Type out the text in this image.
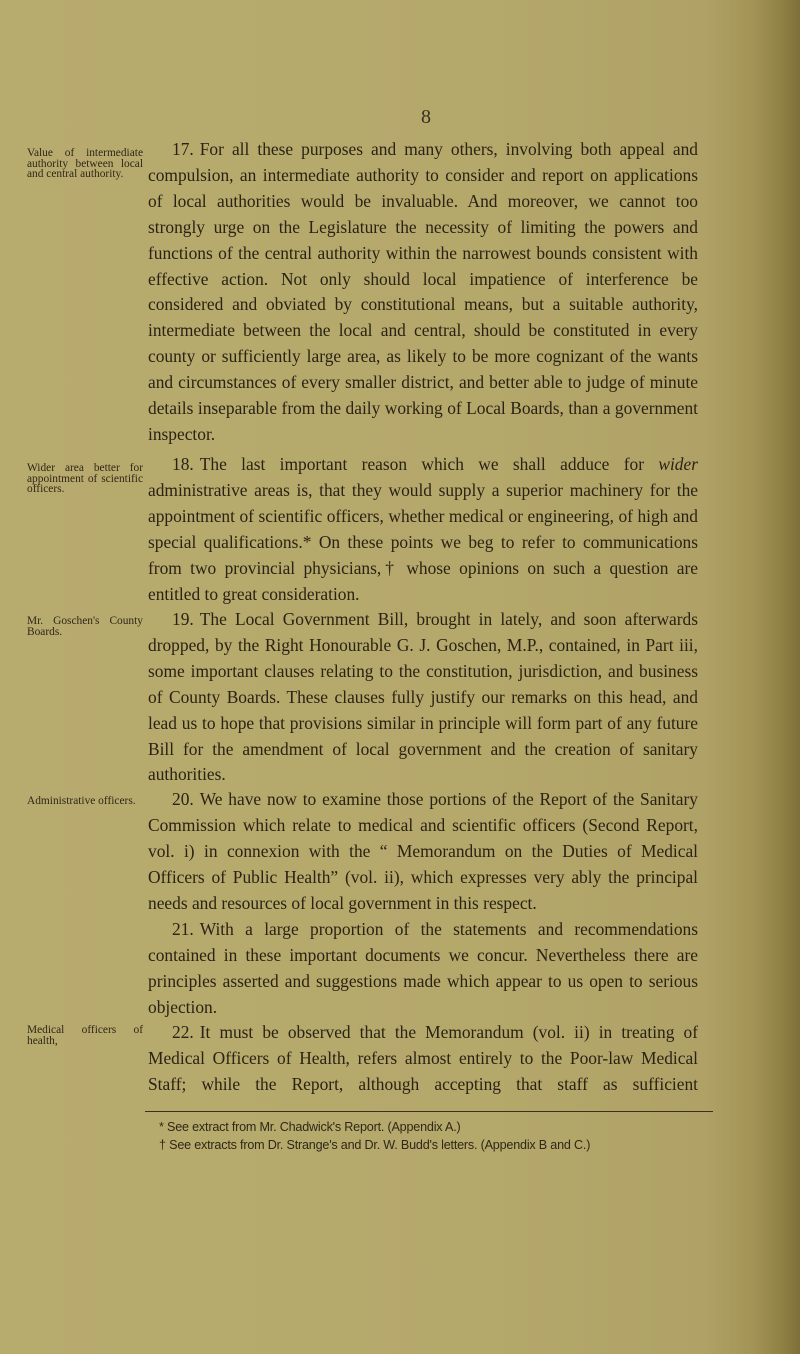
8
Value of intermediate authority between local and central authority.
17. For all these purposes and many others, involving both appeal and compulsion, an intermediate authority to consider and report on applications of local authorities would be invaluable. And moreover, we cannot too strongly urge on the Legislature the necessity of limiting the powers and functions of the central authority within the narrowest bounds consistent with effective action. Not only should local impatience of interference be considered and obviated by constitutional means, but a suitable authority, intermediate between the local and central, should be constituted in every county or sufficiently large area, as likely to be more cognizant of the wants and circumstances of every smaller district, and better able to judge of minute details inseparable from the daily working of Local Boards, than a government inspector.
Wider area better for appointment of scientific officers.
18. The last important reason which we shall adduce for wider administrative areas is, that they would supply a superior machinery for the appointment of scientific officers, whether medical or engineering, of high and special qualifications.* On these points we beg to refer to communications from two provincial physicians,† whose opinions on such a question are entitled to great consideration.
Mr. Goschen's County Boards.
19. The Local Government Bill, brought in lately, and soon afterwards dropped, by the Right Honourable G. J. Goschen, M.P., contained, in Part iii, some important clauses relating to the constitution, jurisdiction, and business of County Boards. These clauses fully justify our remarks on this head, and lead us to hope that provisions similar in principle will form part of any future Bill for the amendment of local government and the creation of sanitary authorities.
Administrative officers.	20. We have now to examine those portions of the Report of the Sanitary Commission which relate to medical and scientific officers (Second Report, vol. i) in connexion with the “ Memorandum on the Duties of Medical Officers of Public Health” (vol. ii), which expresses very ably the principal needs and resources of local government in this respect.
21. With a large proportion of the statements and recommendations contained in these important documents we concur. Nevertheless there are principles asserted and suggestions made which appear to us open to serious objection.
Medical officers of health,	22. It must be observed that the Memorandum (vol. ii) in treating of Medical Officers of Health, refers almost entirely to the Poor-law Medical Staff; while the Report, although accepting that staff as sufficient
* See extract from Mr. Chadwick's Report. (Appendix A.)
† See extracts from Dr. Strange's and Dr. W. Budd's letters. (Appendix B and C.)
